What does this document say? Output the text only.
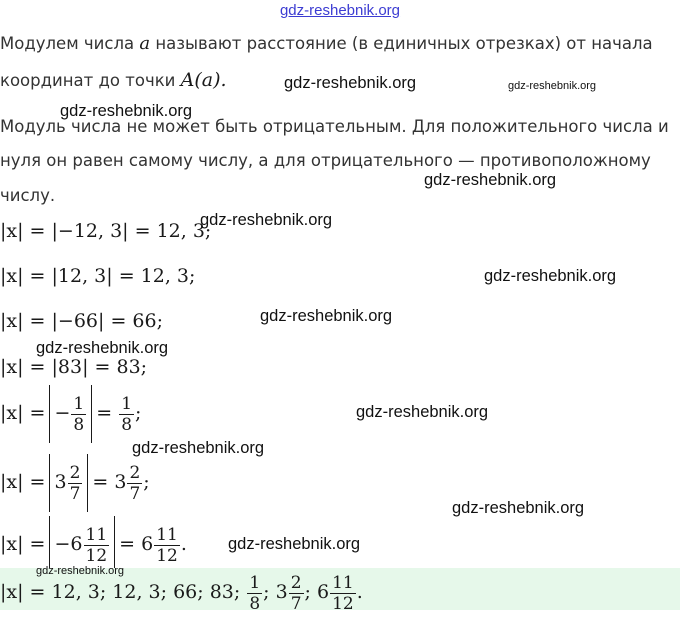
gdz-reshebnik.org
Модулем числа a называют расстояние (в единичных отрезках) от начала
координат до точки A(a).
Модуль числа не может быть отрицательным. Для положительного числа и
нуля он равен самому числу, а для отрицательного — противоположному
числу.
|x| = |−12, 3| = 12, 3;
|x| = |12, 3| = 12, 3;
|x| = |−66| = 66;
|x| = |83| = 83;
|x| = − $\frac{1}{8} = \frac{1}{8}$ ;
$|x| = 3 \frac{2}{7} = 3 \frac{2}{7}$ ;
$|x| = -6 \frac{11}{12} = 6 \frac{11}{12}$ .
|x| = 12, 3; 12, 3; 66; 83; $\frac{1}{8}$ ; $3 \frac{2}{7}$ ; $6 \frac{11}{12}$ .
gdz-reshebnik.org	gdz-reshebnik.org
gdz-reshebnik.org
gdz-reshebnik.org
gdz-reshebnik.org
gdz-reshebnik.org
gdz-reshebnik.org
gdz-reshebnik.org
gdz-reshebnik.org
gdz-reshebnik.org
gdz-reshebnik.org
gdz-reshebnik.org
gdz-reshebnik.org
